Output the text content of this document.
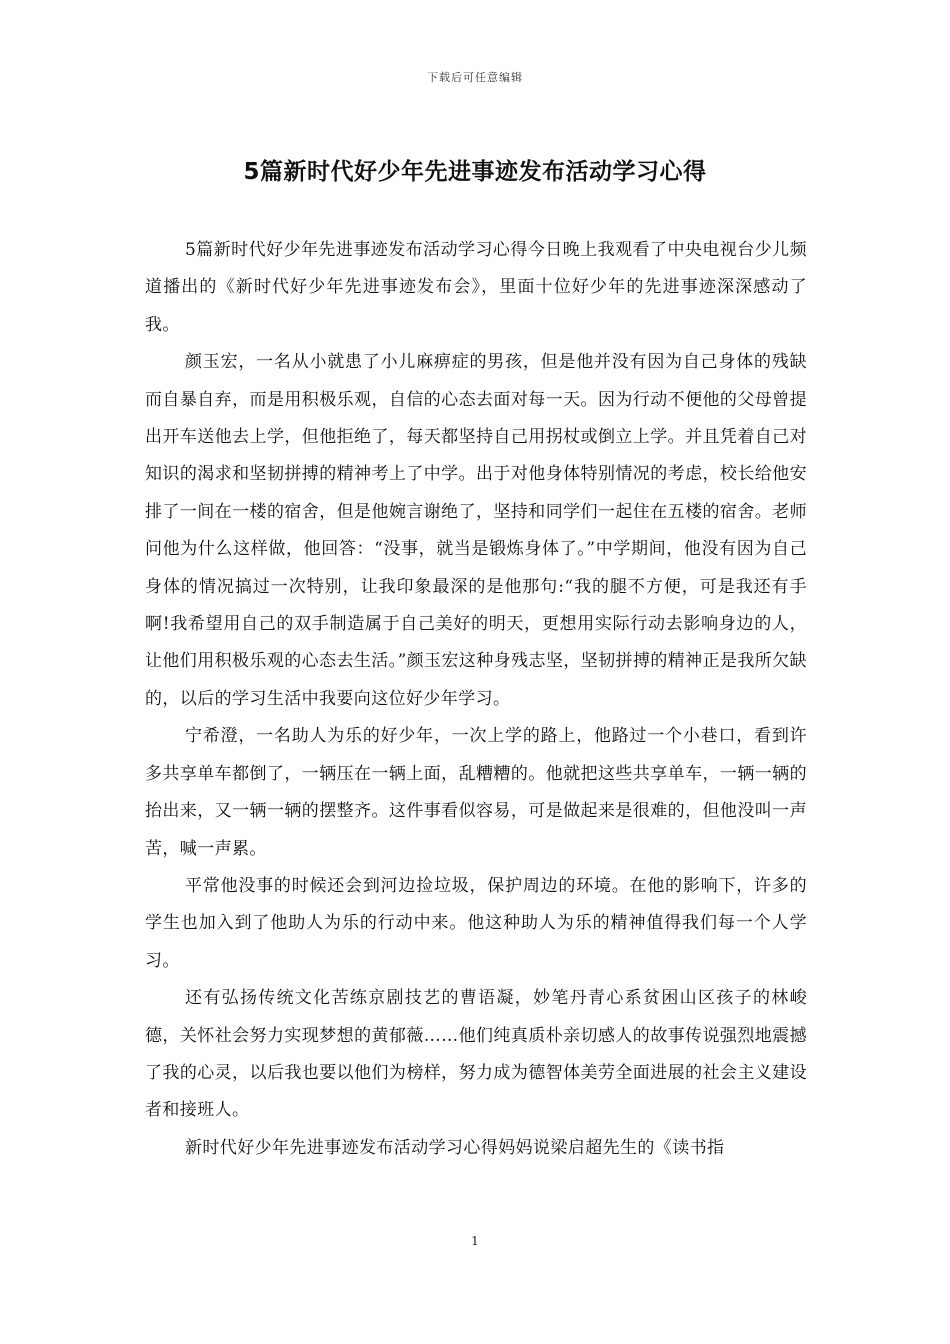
下载后可任意编辑
5篇新时代好少年先进事迹发布活动学习心得

5篇新时代好少年先进事迹发布活动学习心得今日晚上我观看了中央电视台少儿频道播出的《新时代好少年先进事迹发布会》，里面十位好少年的先进事迹深深感动了我。

颜玉宏，一名从小就患了小儿麻痹症的男孩，但是他并没有因为自己身体的残缺而自暴自弃，而是用积极乐观，自信的心态去面对每一天。因为行动不便他的父母曾提出开车送他去上学，但他拒绝了，每天都坚持自己用拐杖或倒立上学。并且凭着自己对知识的渴求和坚韧拼搏的精神考上了中学。出于对他身体特别情况的考虑，校长给他安排了一间在一楼的宿舍，但是他婉言谢绝了，坚持和同学们一起住在五楼的宿舍。老师问他为什么这样做，他回答：“没事，就当是锻炼身体了。”中学期间，他没有因为自己身体的情况搞过一次特别，让我印象最深的是他那句:“我的腿不方便，可是我还有手啊!我希望用自己的双手制造属于自己美好的明天，更想用实际行动去影响身边的人，让他们用积极乐观的心态去生活。”颜玉宏这种身残志坚，坚韧拼搏的精神正是我所欠缺的，以后的学习生活中我要向这位好少年学习。

宁希澄，一名助人为乐的好少年，一次上学的路上，他路过一个小巷口，看到许多共享单车都倒了，一辆压在一辆上面，乱糟糟的。他就把这些共享单车，一辆一辆的抬出来，又一辆一辆的摆整齐。这件事看似容易，可是做起来是很难的，但他没叫一声苦，喊一声累。

平常他没事的时候还会到河边捡垃圾，保护周边的环境。在他的影响下，许多的学生也加入到了他助人为乐的行动中来。他这种助人为乐的精神值得我们每一个人学习。

还有弘扬传统文化苦练京剧技艺的曹语凝，妙笔丹青心系贫困山区孩子的林峻德，关怀社会努力实现梦想的黄郁薇……他们纯真质朴亲切感人的故事传说强烈地震撼了我的心灵，以后我也要以他们为榜样，努力成为德智体美劳全面进展的社会主义建设者和接班人。

新时代好少年先进事迹发布活动学习心得妈妈说梁启超先生的《读书指

1
